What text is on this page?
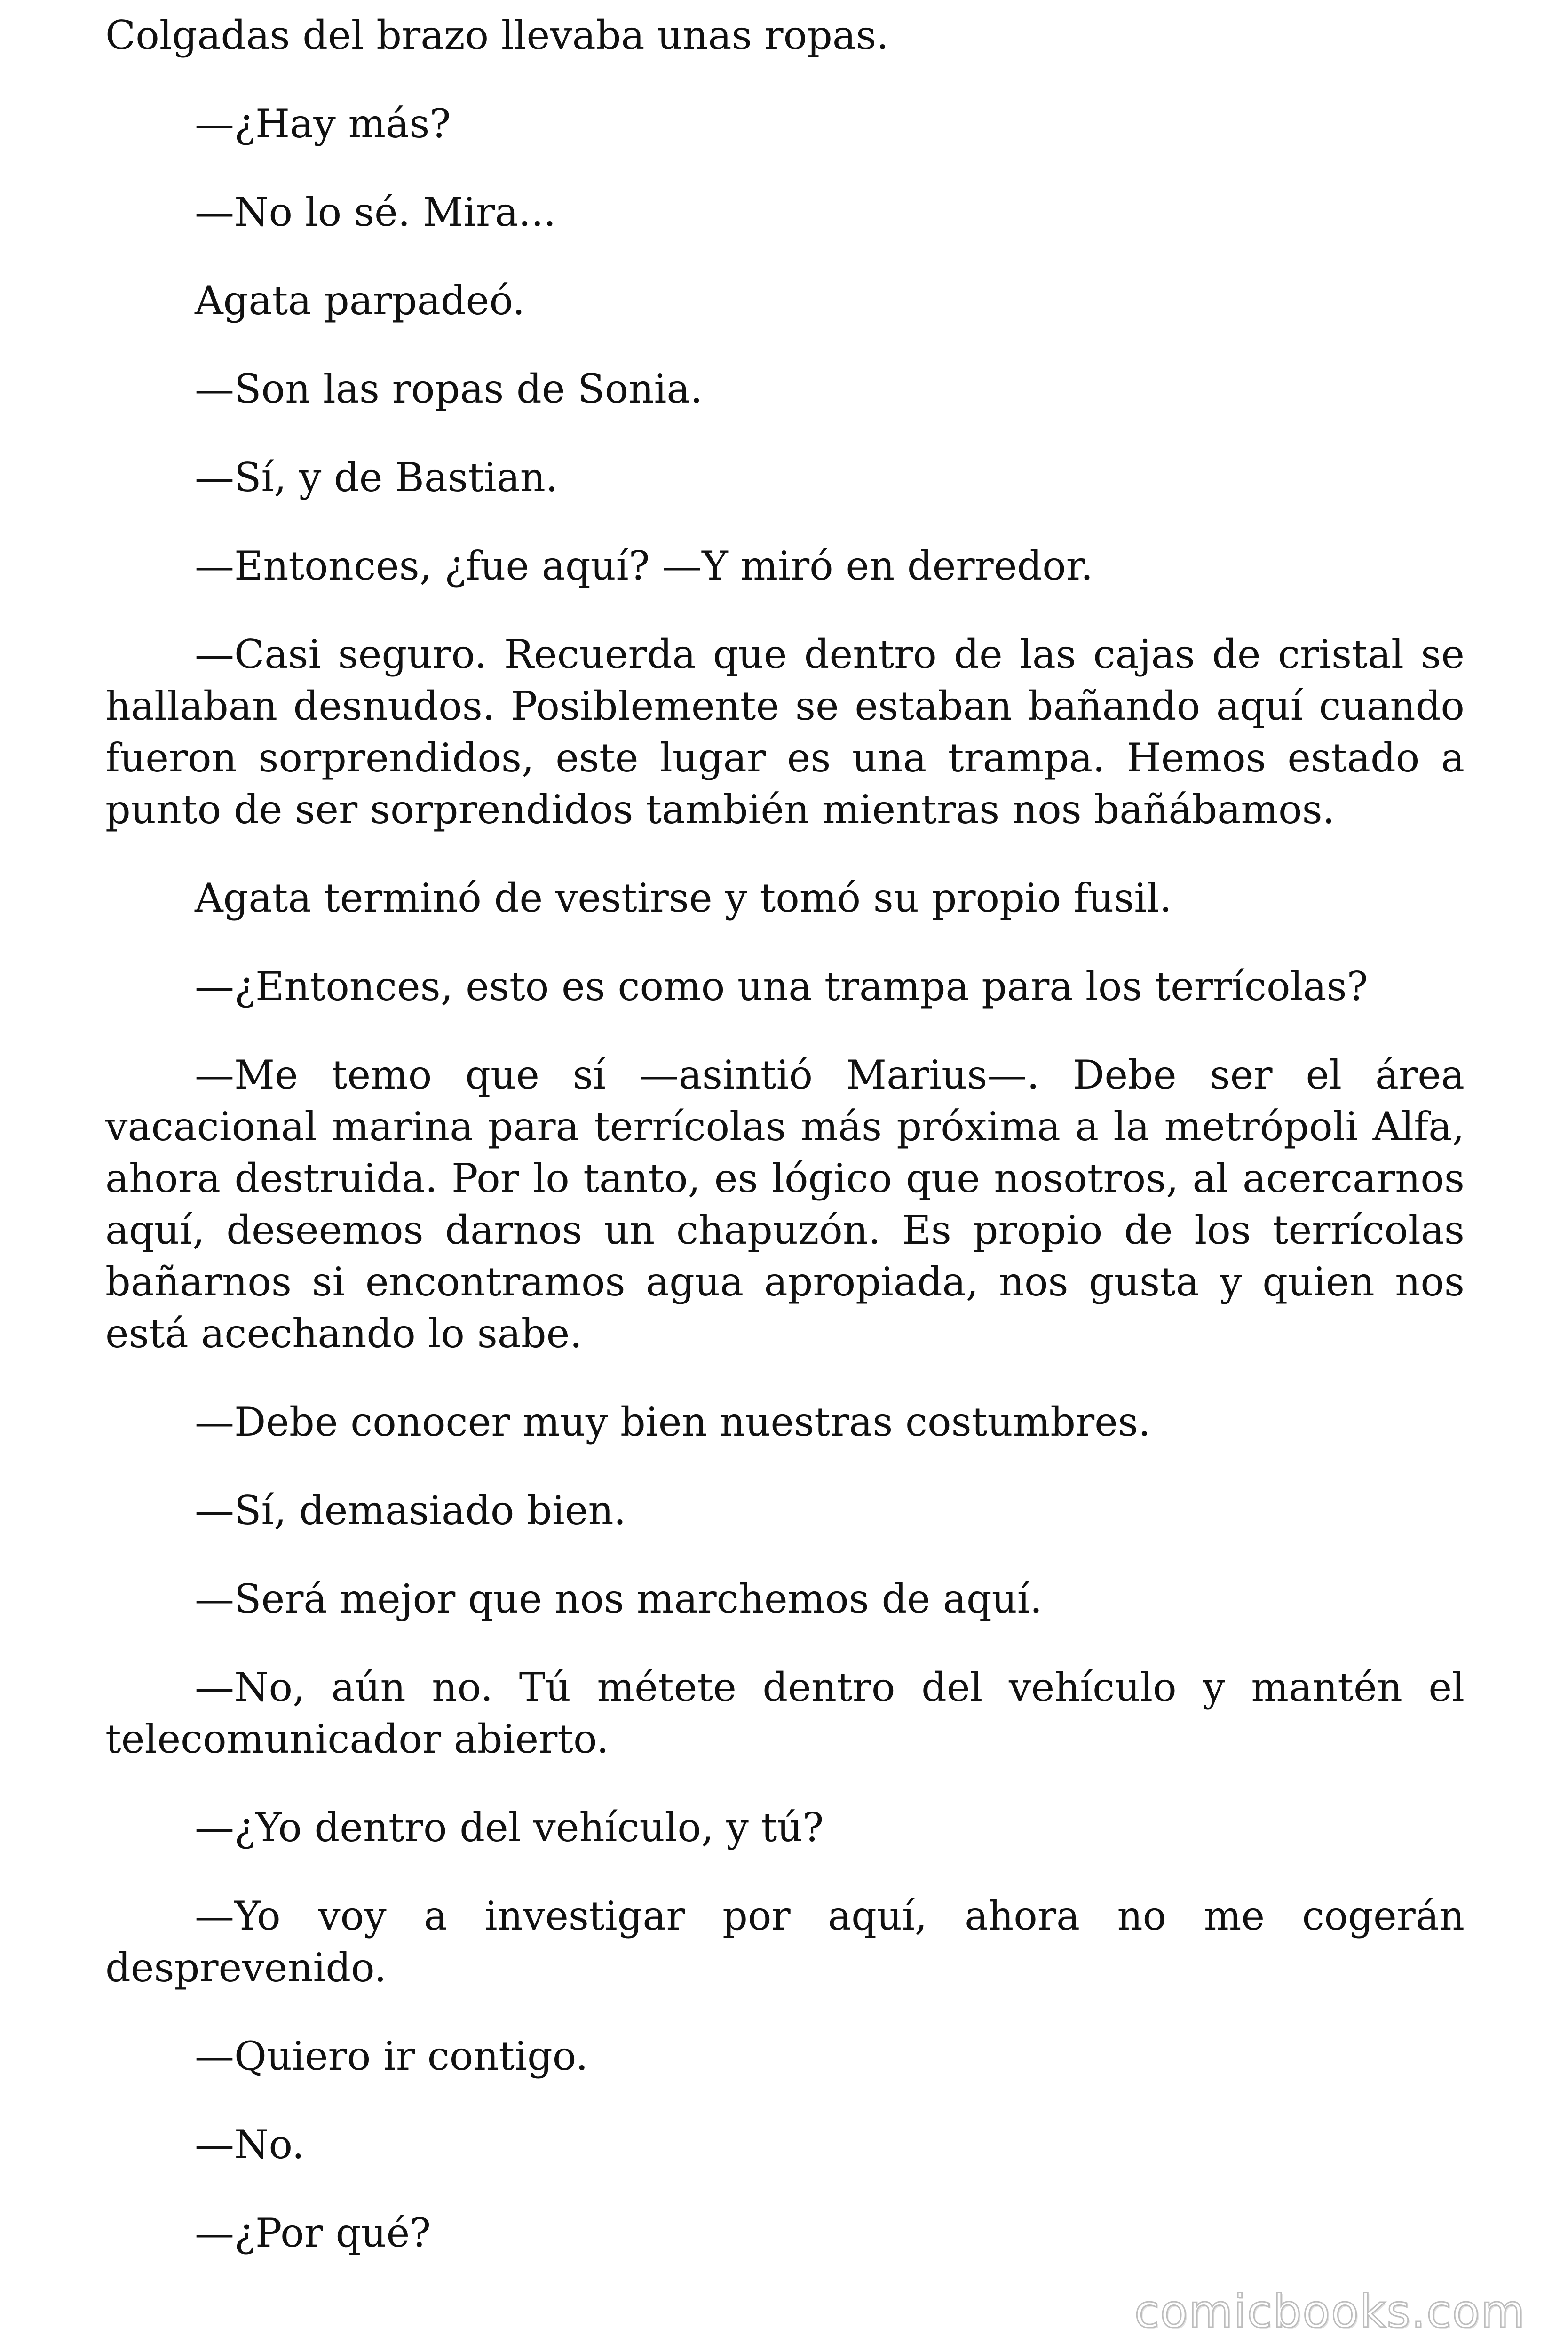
Colgadas del brazo llevaba unas ropas.

—¿Hay más?

—No lo sé. Mira...

Agata parpadeó.

—Son las ropas de Sonia.

—Sí, y de Bastian.

—Entonces, ¿fue aquí? —Y miró en derredor.

—Casi seguro. Recuerda que dentro de las cajas de cristal se hallaban desnudos. Posiblemente se estaban bañando aquí cuando fueron sorprendidos, este lugar es una trampa. Hemos estado a punto de ser sorprendidos también mientras nos bañábamos.

Agata terminó de vestirse y tomó su propio fusil.

—¿Entonces, esto es como una trampa para los terrícolas?

—Me temo que sí —asintió Marius—. Debe ser el área vacacional marina para terrícolas más próxima a la metrópoli Alfa, ahora destruida. Por lo tanto, es lógico que nosotros, al acercarnos aquí, deseemos darnos un chapuzón. Es propio de los terrícolas bañarnos si encontramos agua apropiada, nos gusta y quien nos está acechando lo sabe.

—Debe conocer muy bien nuestras costumbres.

—Sí, demasiado bien.

—Será mejor que nos marchemos de aquí.

—No, aún no. Tú métete dentro del vehículo y mantén el telecomunicador abierto.

—¿Yo dentro del vehículo, y tú?

—Yo voy a investigar por aquí, ahora no me cogerán desprevenido.

—Quiero ir contigo.

—No.

—¿Por qué?

comicbooks.com
